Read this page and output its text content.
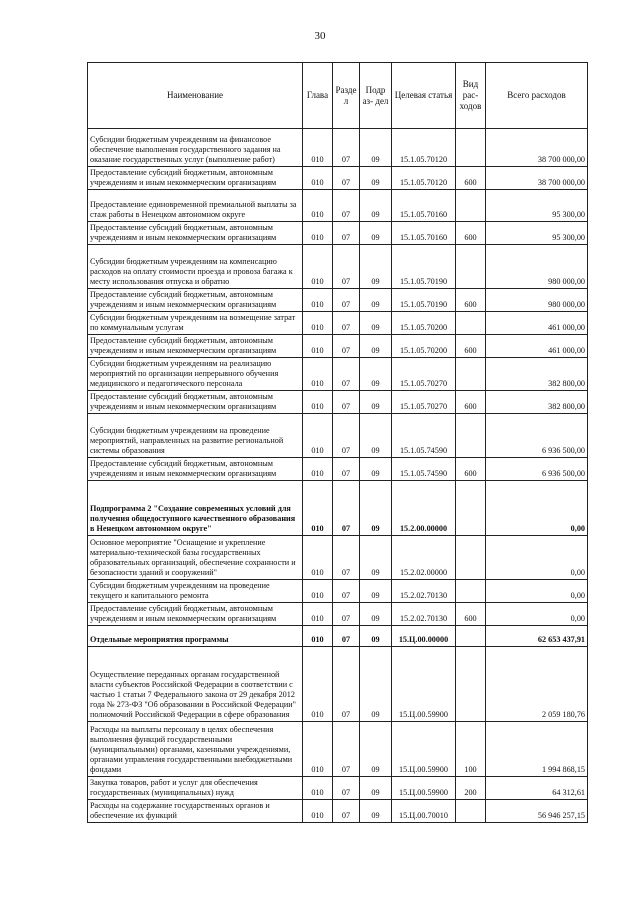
30
Наименование	Глава	Разде л	Подр аз- дел	Целевая статья	Вид рас- ходов	Всего расходов
Субсидии бюджетным учреждениям на финансовое обеспечение выполнения государственного задания на оказание государственных услуг (выполнение работ)	010	07	09	15.1.05.70120		38 700 000,00
Предоставление субсидий бюджетным, автономным учреждениям и иным некоммерческим организациям	010	07	09	15.1.05.70120	600	38 700 000,00
Предоставление единовременной премиальной выплаты за стаж работы в Ненецком автономном округе	010	07	09	15.1.05.70160		95 300,00
Предоставление субсидий бюджетным, автономным учреждениям и иным некоммерческим организациям	010	07	09	15.1.05.70160	600	95 300,00
Субсидии бюджетным учреждениям на компенсацию расходов на оплату стоимости проезда и провоза багажа к месту использования отпуска и обратно	010	07	09	15.1.05.70190		980 000,00
Предоставление субсидий бюджетным, автономным учреждениям и иным некоммерческим организациям	010	07	09	15.1.05.70190	600	980 000,00
Субсидии бюджетным учреждениям на возмещение затрат по коммунальным услугам	010	07	09	15.1.05.70200		461 000,00
Предоставление субсидий бюджетным, автономным учреждениям и иным некоммерческим организациям	010	07	09	15.1.05.70200	600	461 000,00
Субсидии бюджетным учреждениям на реализацию мероприятий по организации непрерывного обучения медицинского и педагогического персонала	010	07	09	15.1.05.70270		382 800,00
Предоставление субсидий бюджетным, автономным учреждениям и иным некоммерческим организациям	010	07	09	15.1.05.70270	600	382 800,00
Субсидии бюджетным учреждениям на проведение мероприятий, направленных на развитие региональной системы образования	010	07	09	15.1.05.74590		6 936 500,00
Предоставление субсидий бюджетным, автономным учреждениям и иным некоммерческим организациям	010	07	09	15.1.05.74590	600	6 936 500,00
Подпрограмма 2 "Создание современных условий для получения общедоступного качественного образования в Ненецком автономном округе"	010	07	09	15.2.00.00000		0,00
Основное мероприятие "Оснащение и укрепление материально-технической базы государственных образовательных организаций, обеспечение сохранности и безопасности зданий и сооружений"	010	07	09	15.2.02.00000		0,00
Субсидии бюджетным учреждениям на проведение текущего и капитального ремонта	010	07	09	15.2.02.70130		0,00
Предоставление субсидий бюджетным, автономным учреждениям и иным некоммерческим организациям	010	07	09	15.2.02.70130	600	0,00
Отдельные мероприятия программы	010	07	09	15.Ц.00.00000		62 653 437,91
Осуществление переданных органам государственной власти субъектов Российской Федерации в соответствии с частью 1 статьи 7 Федерального закона от 29 декабря 2012 года № 273-ФЗ "Об образовании в Российской Федерации" полномочий Российской Федерации в сфере образования	010	07	09	15.Ц.00.59900		2 059 180,76
Расходы на выплаты персоналу в целях обеспечения выполнения функций государственными (муниципальными) органами, казенными учреждениями, органами управления государственными внебюджетными фондами	010	07	09	15.Ц.00.59900	100	1 994 868,15
Закупка товаров, работ и услуг для обеспечения государственных (муниципальных) нужд	010	07	09	15.Ц.00.59900	200	64 312,61
Расходы на содержание государственных органов и обеспечение их функций	010	07	09	15.Ц.00.70010		56 946 257,15
